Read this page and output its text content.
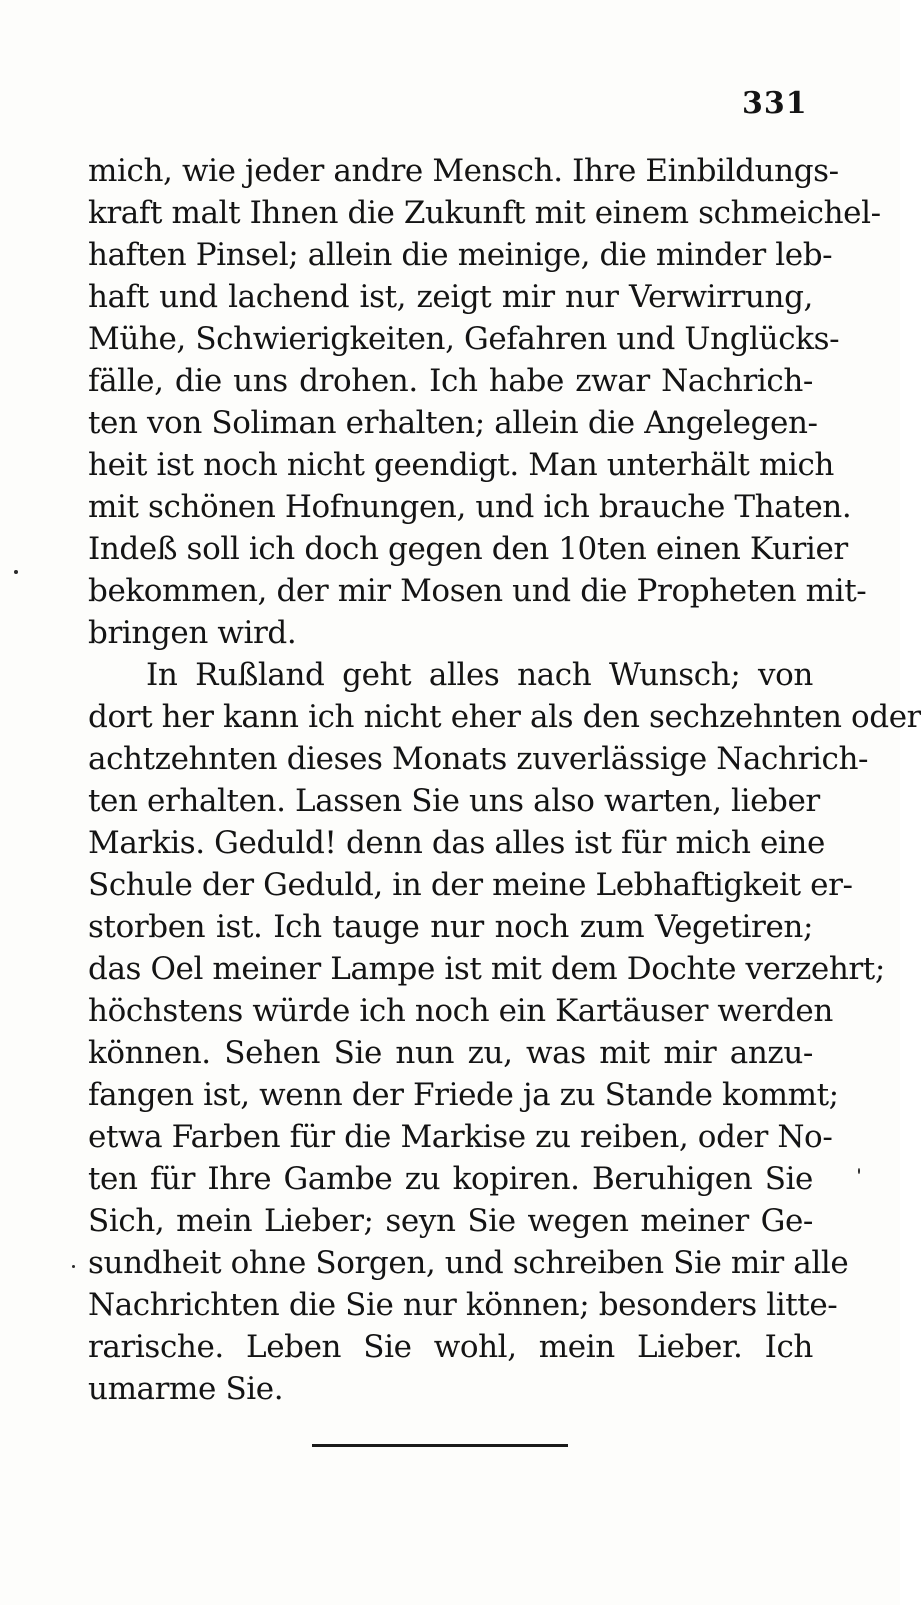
331
mich, wie jeder andre Mensch. Ihre Einbildungs-
kraft malt Ihnen die Zukunft mit einem schmeichel-
haften Pinsel; allein die meinige, die minder leb-
haft und lachend ist, zeigt mir nur Verwirrung,
Mühe, Schwierigkeiten, Gefahren und Unglücks-
fälle, die uns drohen. Ich habe zwar Nachrich-
ten von Soliman erhalten; allein die Angelegen-
heit ist noch nicht geendigt. Man unterhält mich
mit schönen Hofnungen, und ich brauche Thaten.
Indeß soll ich doch gegen den 10ten einen Kurier
bekommen, der mir Mosen und die Propheten mit-
bringen wird.
In Rußland geht alles nach Wunsch; von
dort her kann ich nicht eher als den sechzehnten oder
achtzehnten dieses Monats zuverlässige Nachrich-
ten erhalten. Lassen Sie uns also warten, lieber
Markis. Geduld! denn das alles ist für mich eine
Schule der Geduld, in der meine Lebhaftigkeit er-
storben ist. Ich tauge nur noch zum Vegetiren;
das Oel meiner Lampe ist mit dem Dochte verzehrt;
höchstens würde ich noch ein Kartäuser werden
können. Sehen Sie nun zu, was mit mir anzu-
fangen ist, wenn der Friede ja zu Stande kommt;
etwa Farben für die Markise zu reiben, oder No-
ten für Ihre Gambe zu kopiren. Beruhigen Sie
Sich, mein Lieber; seyn Sie wegen meiner Ge-
sundheit ohne Sorgen, und schreiben Sie mir alle
Nachrichten die Sie nur können; besonders litte-
rarische. Leben Sie wohl, mein Lieber. Ich
umarme Sie.
